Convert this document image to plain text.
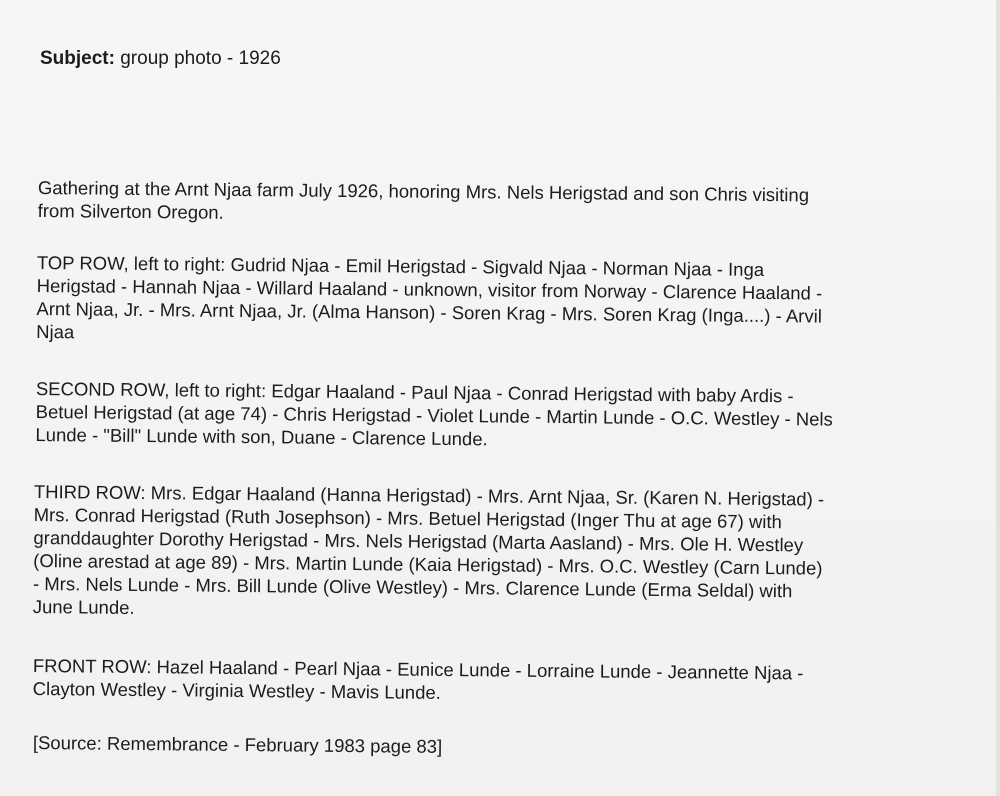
Subject: group photo - 1926
Gathering at the Arnt Njaa farm July 1926, honoring Mrs. Nels Herigstad and son Chris visiting
from Silverton Oregon.
TOP ROW, left to right: Gudrid Njaa - Emil Herigstad - Sigvald Njaa - Norman Njaa - Inga
Herigstad - Hannah Njaa - Willard Haaland - unknown, visitor from Norway - Clarence Haaland -
Arnt Njaa, Jr. - Mrs. Arnt Njaa, Jr. (Alma Hanson) - Soren Krag - Mrs. Soren Krag (Inga....) - Arvil
Njaa
SECOND ROW, left to right: Edgar Haaland - Paul Njaa - Conrad Herigstad with baby Ardis -
Betuel Herigstad (at age 74) - Chris Herigstad - Violet Lunde - Martin Lunde - O.C. Westley - Nels
Lunde - "Bill" Lunde with son, Duane - Clarence Lunde.
THIRD ROW: Mrs. Edgar Haaland (Hanna Herigstad) - Mrs. Arnt Njaa, Sr. (Karen N. Herigstad) -
Mrs. Conrad Herigstad (Ruth Josephson) - Mrs. Betuel Herigstad (Inger Thu at age 67) with
granddaughter Dorothy Herigstad - Mrs. Nels Herigstad (Marta Aasland) - Mrs. Ole H. Westley
(Oline arestad at age 89) - Mrs. Martin Lunde (Kaia Herigstad) - Mrs. O.C. Westley (Carn Lunde)
- Mrs. Nels Lunde - Mrs. Bill Lunde (Olive Westley) - Mrs. Clarence Lunde (Erma Seldal) with
June Lunde.
FRONT ROW: Hazel Haaland - Pearl Njaa - Eunice Lunde - Lorraine Lunde - Jeannette Njaa -
Clayton Westley - Virginia Westley - Mavis Lunde.
[Source: Remembrance - February 1983 page 83]
